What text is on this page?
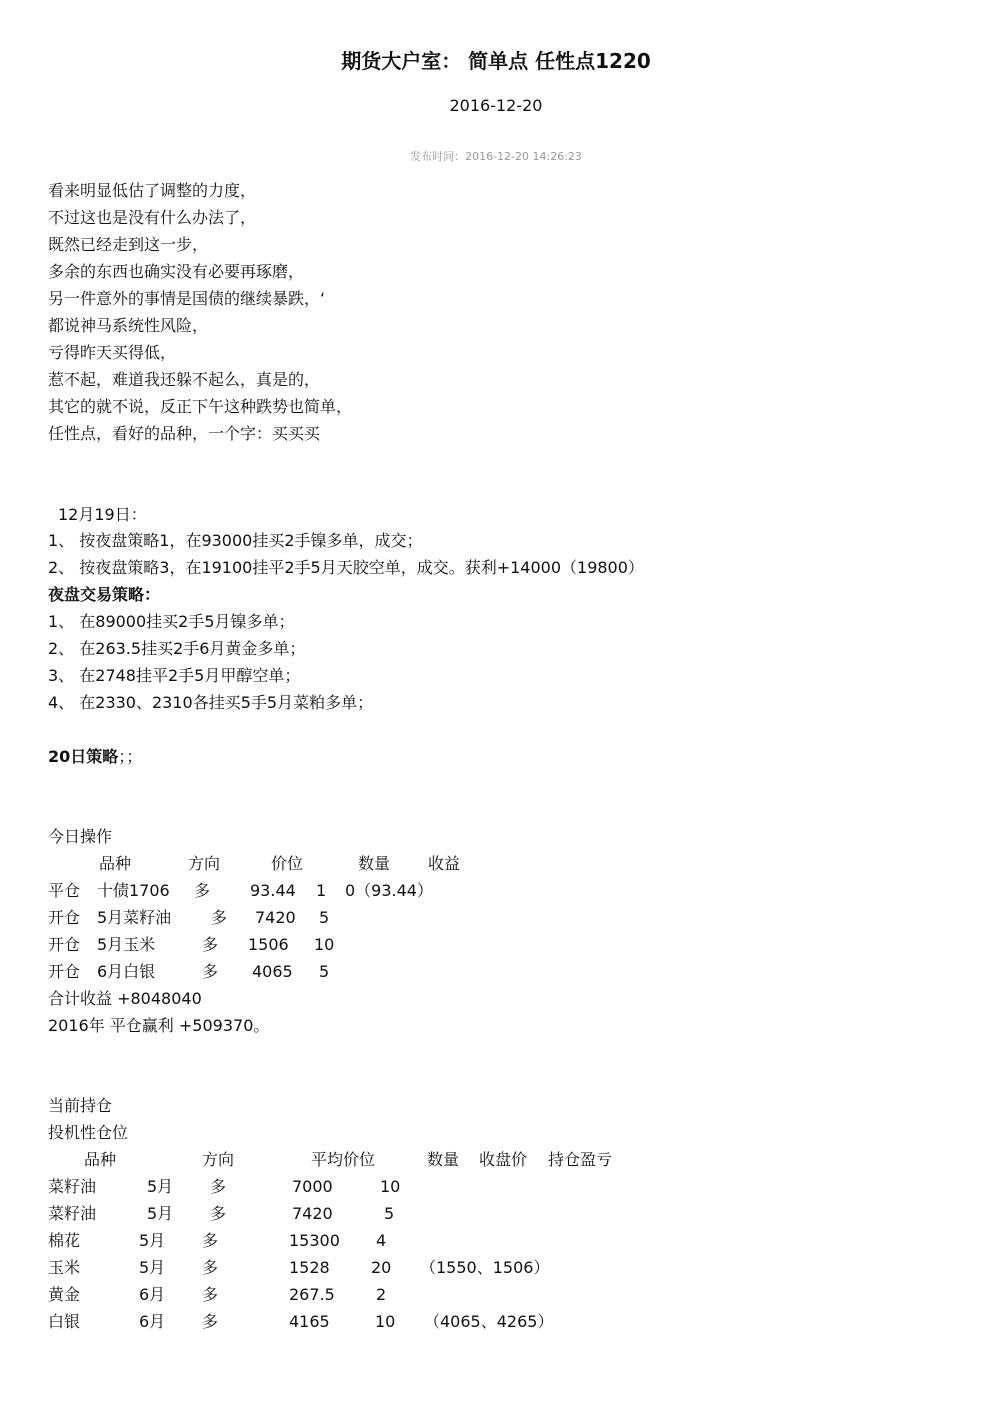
期货大户室： 简单点 任性点1220
2016-12-20
发布时间：2016-12-20 14:26:23
看来明显低估了调整的力度，
不过这也是没有什么办法了，
既然已经走到这一步，
多余的东西也确实没有必要再琢磨，
另一件意外的事情是国债的继续暴跌，‘
都说神马系统性风险，
亏得昨天买得低，
惹不起，难道我还躲不起么，真是的，
其它的就不说，反正下午这种跌势也简单，
任性点，看好的品种，一个字：买买买
12月19日：
1、 按夜盘策略1，在93000挂买2手镍多单，成交；
2、 按夜盘策略3，在19100挂平2手5月天胶空单，成交。获利+14000（19800）
夜盘交易策略：
1、 在89000挂买2手5月镍多单；
2、 在263.5挂买2手6月黄金多单；
3、 在2748挂平2手5月甲醇空单；
4、 在2330、2310各挂买5手5月菜粕多单；
20日策略；；
今日操作
品种	方向	价位	数量 收益
平仓 十债1706 多 93.44 1 0（93.44）
开仓 5月菜籽油 多 7420 5
开仓 5月玉米	多 1506 10
开仓 6月白银	多 4065 5
合计收益 +8048040
2016年 平仓赢利 +509370。
当前持仓
投机性仓位
品种	方向	平均价位	数量 收盘价 持仓盈亏
菜籽油	5月 多	7000	10
菜籽油	5月 多	7420	5
棉花	5月 多	15300 4
玉米	5月 多	1528	20 （1550、1506）
黄金	6月 多	267.5	2
白银	6月 多	4165	10 （4065、4265）
